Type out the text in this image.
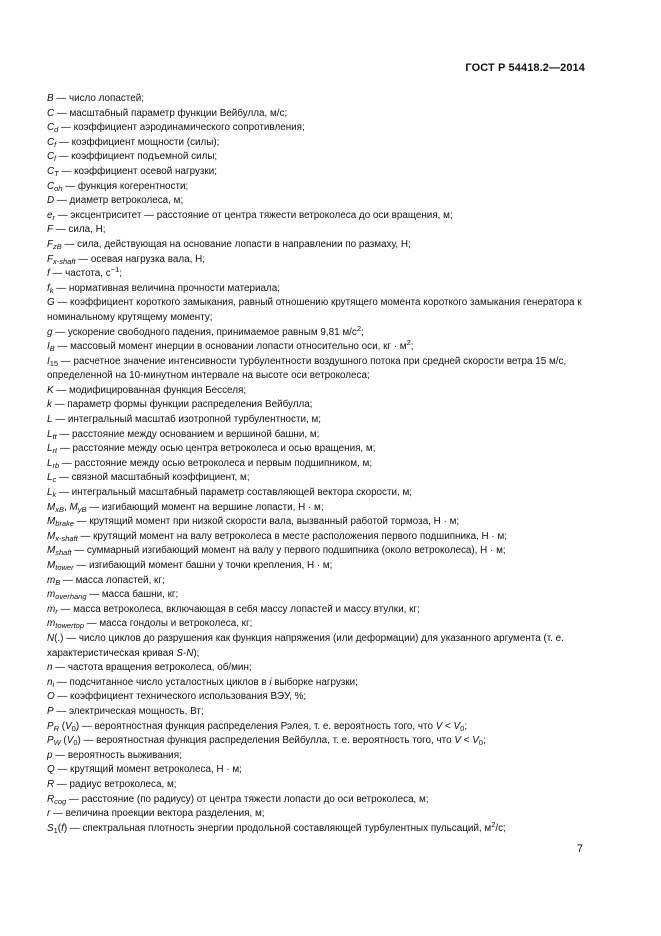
ГОСТ Р 54418.2—2014

B — число лопастей;

C — масштабный параметр функции Вейбулла, м/с;

$C_d$ — коэффициент аэродинамического сопротивления;

$C_f$ — коэффициент мощности (силы);

$C_l$ — коэффициент подъемной силы;

$C_T$ — коэффициент осевой нагрузки;

$C_{oh}$ — функция когерентности;

D — диаметр ветроколеса, м;

$e_r$ — эксцентриситет — расстояние от центра тяжести ветроколеса до оси вращения, м;

F — сила, Н;

$F_{zB}$ — сила, действующая на основание лопасти в направлении по размаху, Н;

$F_{x-shaft}$ — осевая нагрузка вала, Н;

f — частота, $с^{-1}$;

$f_k$ — нормативная величина прочности материала;

G — коэффициент короткого замыкания, равный отношению крутящего момента короткого замыкания генератора к номинальному крутящему моменту;

g — ускорение свободного падения, принимаемое равным 9,81 $м/с^2$;

$I_B$ — массовый момент инерции в основании лопасти относительно оси, кг · $м^2$;

$I_{15}$ — расчетное значение интенсивности турбулентности воздушного потока при средней скорости ветра 15 м/с, определенной на 10-минутном интервале на высоте оси ветроколеса;

K — модифицированная функция Бесселя;

k — параметр формы функции распределения Вейбулла;

L — интегральный масштаб изотропной турбулентности, м;

$L_{tt}$ — расстояние между основанием и вершиной башни, м;

$L_{rt}$ — расстояние между осью центра ветроколеса и осью вращения, м;

$L_{rb}$ — расстояние между осью ветроколеса и первым подшипником, м;

$L_c$ — связной масштабный коэффициент, м;

$L_k$ — интегральный масштабный параметр составляющей вектора скорости, м;

$M_{xB}$, $M_{yB}$ — изгибающий момент на вершине лопасти, Н · м;

$M_{brake}$ — крутящий момент при низкой скорости вала, вызванный работой тормоза, Н · м;

$M_{x-shaft}$ — крутящий момент на валу ветроколеса в месте расположения первого подшипника, Н · м;

$M_{shaft}$ — суммарный изгибающий момент на валу у первого подшипника (около ветроколеса), Н · м;

$M_{tower}$ — изгибающий момент башни у точки крепления, Н · м;

$m_B$ — масса лопастей, кг;

$m_{overhang}$ — масса башни, кг;

$m_r$ — масса ветроколеса, включающая в себя массу лопастей и массу втулки, кг;

$m_{towertop}$ — масса гондолы и ветроколеса, кг;

N(.) — число циклов до разрушения как функция напряжения (или деформации) для указанного аргумента (т. е. характеристическая кривая S-N);

n — частота вращения ветроколеса, об/мин;

$n_i$ — подсчитанное число усталостных циклов в i выборке нагрузки;

O — коэффициент технического использования ВЭУ, %;

P — электрическая мощность, Вт;

$P_R$ $(V_0)$ — вероятностная функция распределения Рэлея, т. е. вероятность того, что $V < V_0$;

$P_W$ $(V_0)$ — вероятностная функция распределения Вейбулла, т. е. вероятность того, что $V < V_0$;

p — вероятность выживания;

Q — крутящий момент ветроколеса, Н · м;

R — радиус ветроколеса, м;

$R_{cog}$ — расстояние (по радиусу) от центра тяжести лопасти до оси ветроколеса, м;

r — величина проекции вектора разделения, м;

$S_1(f)$ — спектральная плотность энергии продольной составляющей турбулентных пульсаций, $м^2/с$;

7
